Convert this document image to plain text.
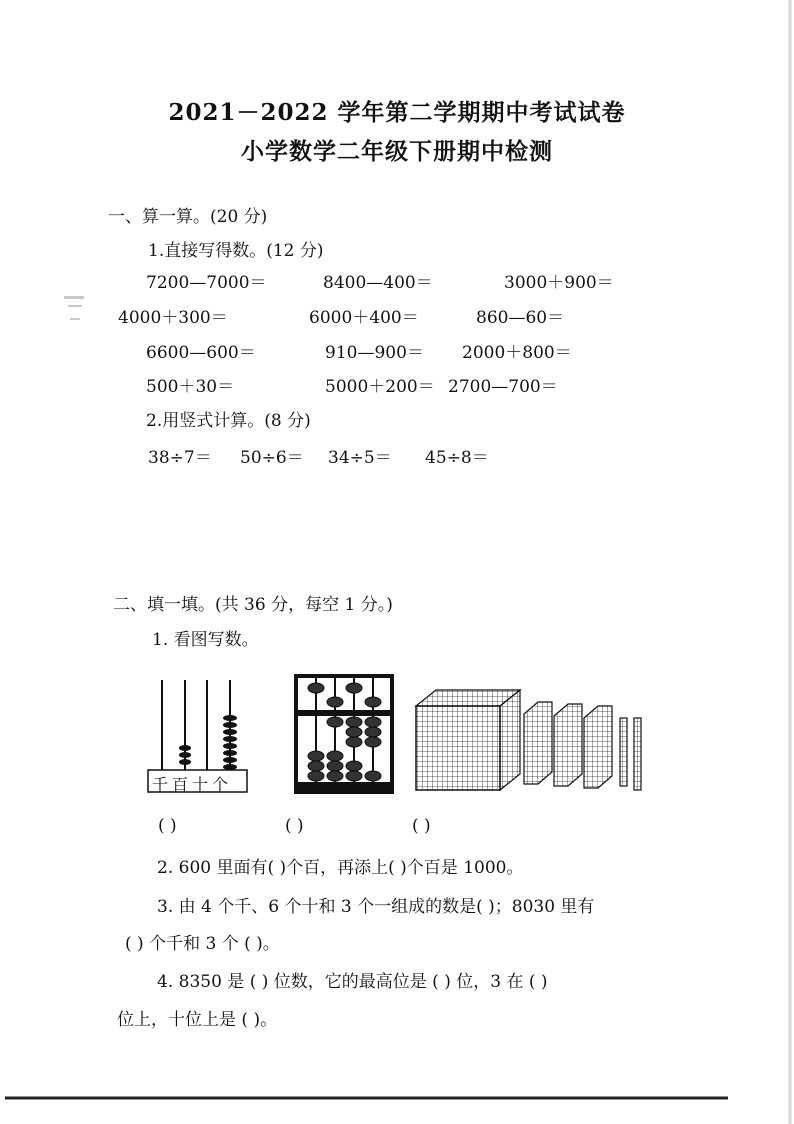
2021－2022 学年第二学期期中考试试卷
小学数学二年级下册期中检测
一、算一算。(20 分)
1.直接写得数。(12 分)
7200—7000＝	8400—400＝	3000＋900＝
4000＋300＝	6000＋400＝	860—60＝
6600—600＝	910—900＝ 2000＋800＝
500＋30＝	5000＋200＝ 2700—700＝
2.用竖式计算。(8 分)
38÷7＝ 50÷6＝ 34÷5＝ 45÷8＝
二、填一填。(共 36 分，每空 1 分。)
1. 看图写数。
千百十个
( )	( )	( )
2. 600 里面有( )个百，再添上( )个百是 1000。
3. 由 4 个千、6 个十和 3 个一组成的数是( )；8030 里有
( ) 个千和 3 个 ( )。
4. 8350 是 ( ) 位数，它的最高位是 ( ) 位，3 在 ( )
位上，十位上是 ( )。
